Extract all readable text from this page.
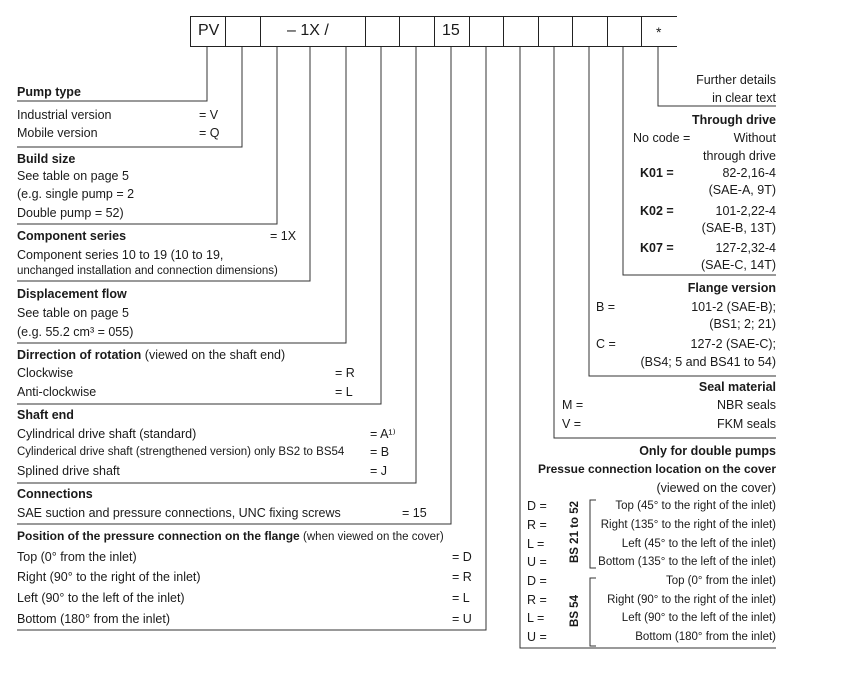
PV	– 1X /	15	*
Pump type
Industrial version	= V
Mobile version	= Q
Build size
See table on page 5
(e.g. single pump = 2
Double pump = 52)
Component series	= 1X
Component series 10 to 19 (10 to 19,
unchanged installation and connection dimensions)
Displacement flow
See table on page 5
(e.g. 55.2 cm³ = 055)
Dirrection of rotation (viewed on the shaft end)
Clockwise	= R
Anti-clockwise	= L
Shaft end
Cylindrical drive shaft (standard)	= A¹⁾
Cylinderical drive shaft (strengthened version) only BS2 to BS54 = B
Splined drive shaft	= J
Connections
SAE suction and pressure connections, UNC fixing screws	= 15
Position of the pressure connection on the flange (when viewed on the cover)
Top (0° from the inlet)	= D
Right (90° to the right of the inlet)	= R
Left (90° to the left of the inlet)	= L
Bottom (180° from the inlet)	= U
Further details
in clear text
Through drive
No code =	Without
through drive
K01 =	82-2,16-4
(SAE-A, 9T)
K02 =	101-2,22-4
(SAE-B, 13T)
K07 =	127-2,32-4
(SAE-C, 14T)
Flange version
B =	101-2 (SAE-B);
(BS1; 2; 21)
C =	127-2 (SAE-C);
(BS4; 5 and BS41 to 54)
Seal material
M =	NBR seals
V =	FKM seals
Only for double pumps
Pressue connection location on the cover
(viewed on the cover)
BS 21 to 52
BS 54
D =	Top (45° to the right of the inlet)
R =	Right (135° to the right of the inlet)
L =	Left (45° to the left of the inlet)
U =	Bottom (135° to the left of the inlet)
D =	Top (0° from the inlet)
R =	Right (90° to the right of the inlet)
L =	Left (90° to the left of the inlet)
U =	Bottom (180° from the inlet)
